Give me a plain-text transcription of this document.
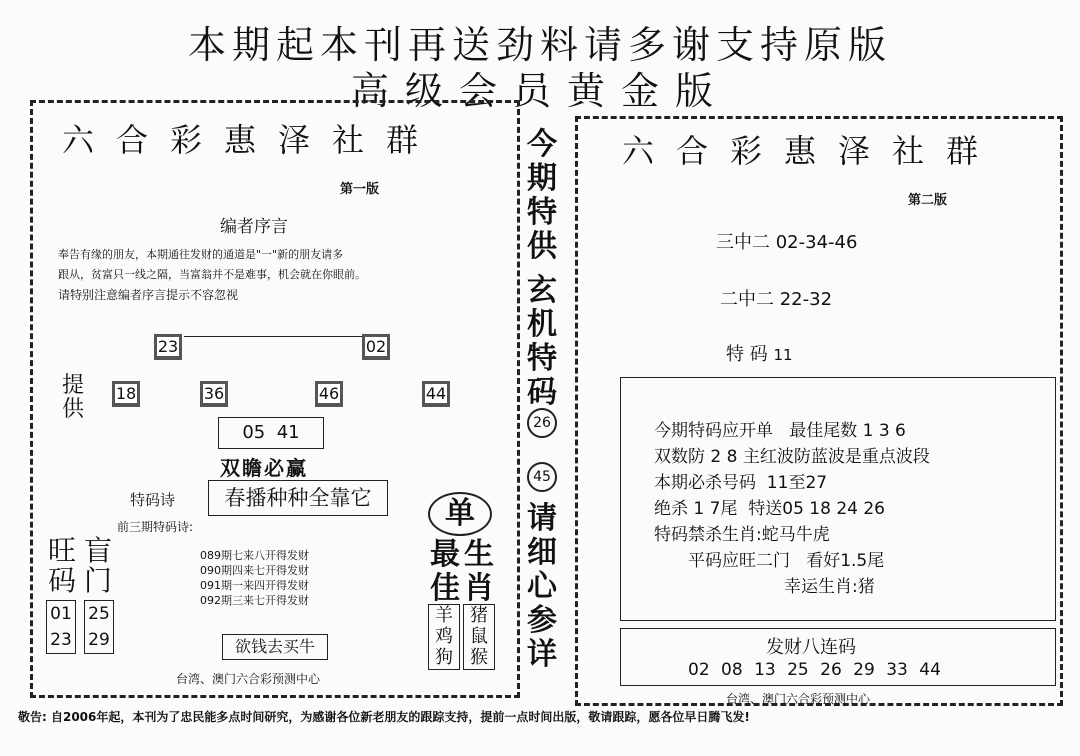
本期起本刊再送劲料请多谢支持原版
高级会员黄金版
六合彩惠泽社群
第一版
编者序言
奉告有缘的朋友，本期通往发财的通道是"一"新的朋友请多
跟从，贫富只一线之隔，当富翁并不是难事，机会就在你眼前。
请特别注意编者序言提示不容忽视
23	02
提
供
18	36	46	44
05  41
双瞻必赢
特码诗	春播种种全靠它
前三期特码诗:
旺
码
盲
门
01
23
25
29
089期七来八开得发财
090期四来七开得发财
091期一来四开得发财
092期三来七开得发财
单
最
佳
生
肖
羊
鸡
狗
猪
鼠
猴
欲钱去买牛
台湾、澳门六合彩预测中心
今
期
特
供
玄
机
特
码
26
45
请
细
心
参
详
六合彩惠泽社群
第二版
三中二 02-34-46
二中二 22-32
特 码 11
今期特码应开单   最佳尾数 1 3 6
双数防 2 8 主红波防蓝波是重点波段
本期必杀号码  11至27
绝杀 1 7尾  特送05 18 24 26
特码禁杀生肖:蛇马牛虎
平码应旺二门   看好1.5尾
幸运生肖:猪
发财八连码
02 08 13 25 26 29 33 44
台湾、澳门六合彩预测中心
敬告: 自2006年起，本刊为了忠民能多点时间研究，为感谢各位新老朋友的跟踪支持，提前一点时间出版，敬请跟踪，愿各位早日腾飞发!
